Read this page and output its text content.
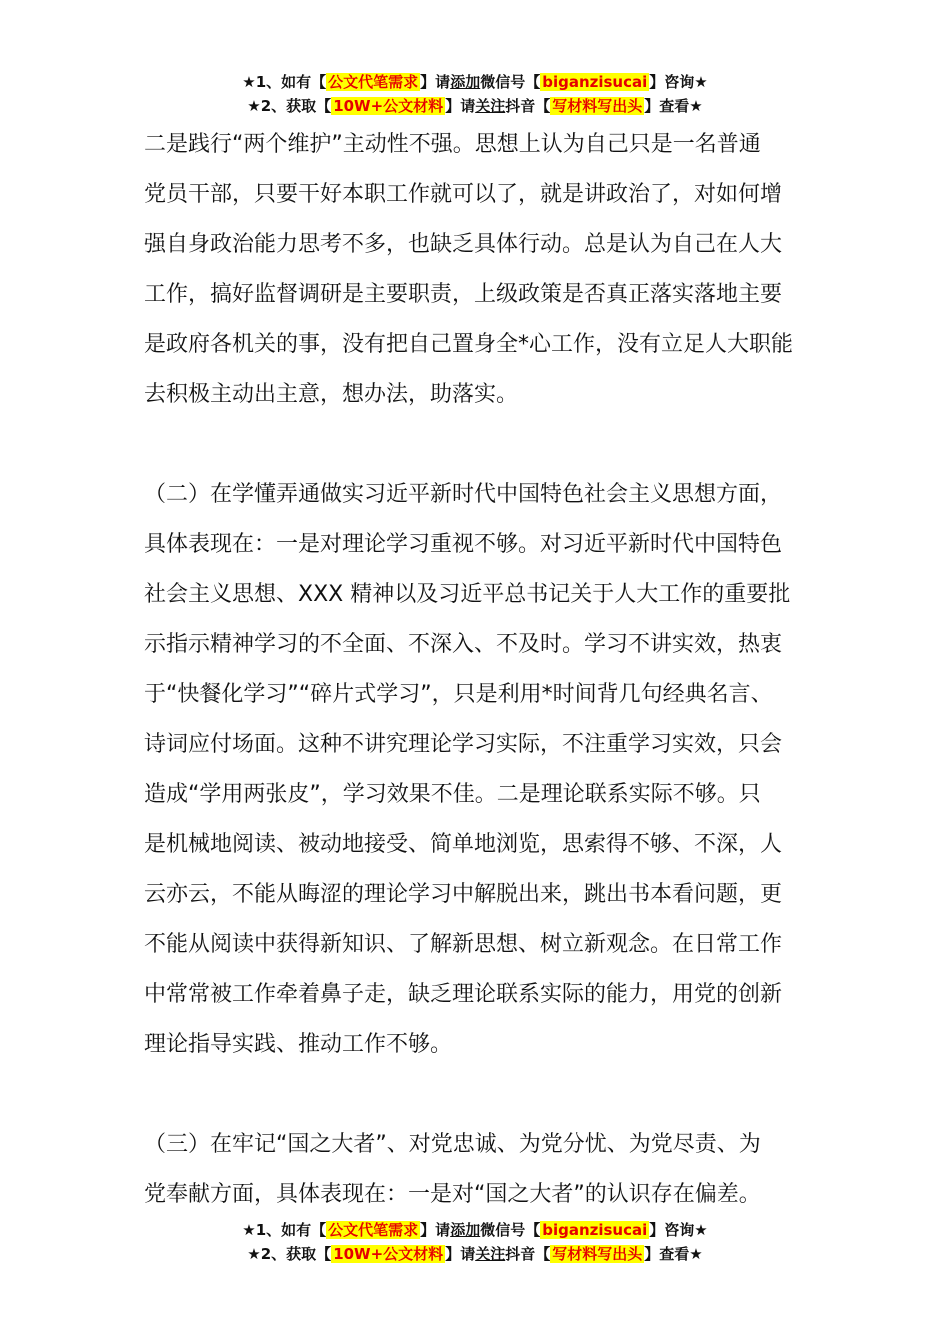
★1、如有【 公文代笔需求 】请添加微信号【 biganzisucai 】咨询★
★2、获取【 10W+公文材料 】请关注抖音【 写材料写出头 】查看★
二是践行“两个维护”主动性不强。思想上认为自己只是一名普通
党员干部，只要干好本职工作就可以了，就是讲政治了，对如何增
强自身政治能力思考不多，也缺乏具体行动。总是认为自己在人大
工作，搞好监督调研是主要职责，上级政策是否真正落实落地主要
是政府各机关的事，没有把自己置身全*心工作，没有立足人大职能
去积极主动出主意，想办法，助落实。
（二）在学懂弄通做实习近平新时代中国特色社会主义思想方面，
具体表现在：一是对理论学习重视不够。对习近平新时代中国特色
社会主义思想、XXX 精神以及习近平总书记关于人大工作的重要批
示指示精神学习的不全面、不深入、不及时。学习不讲实效，热衷
于“快餐化学习”“碎片式学习”，只是利用*时间背几句经典名言、
诗词应付场面。这种不讲究理论学习实际，不注重学习实效，只会
造成“学用两张皮”，学习效果不佳。二是理论联系实际不够。只
是机械地阅读、被动地接受、简单地浏览，思索得不够、不深，人
云亦云，不能从晦涩的理论学习中解脱出来，跳出书本看问题，更
不能从阅读中获得新知识、了解新思想、树立新观念。在日常工作
中常常被工作牵着鼻子走，缺乏理论联系实际的能力，用党的创新
理论指导实践、推动工作不够。
（三）在牢记“国之大者”、对党忠诚、为党分忧、为党尽责、为
党奉献方面，具体表现在：一是对“国之大者”的认识存在偏差。
★1、如有【 公文代笔需求 】请添加微信号【 biganzisucai 】咨询★
★2、获取【 10W+公文材料 】请关注抖音【 写材料写出头 】查看★
